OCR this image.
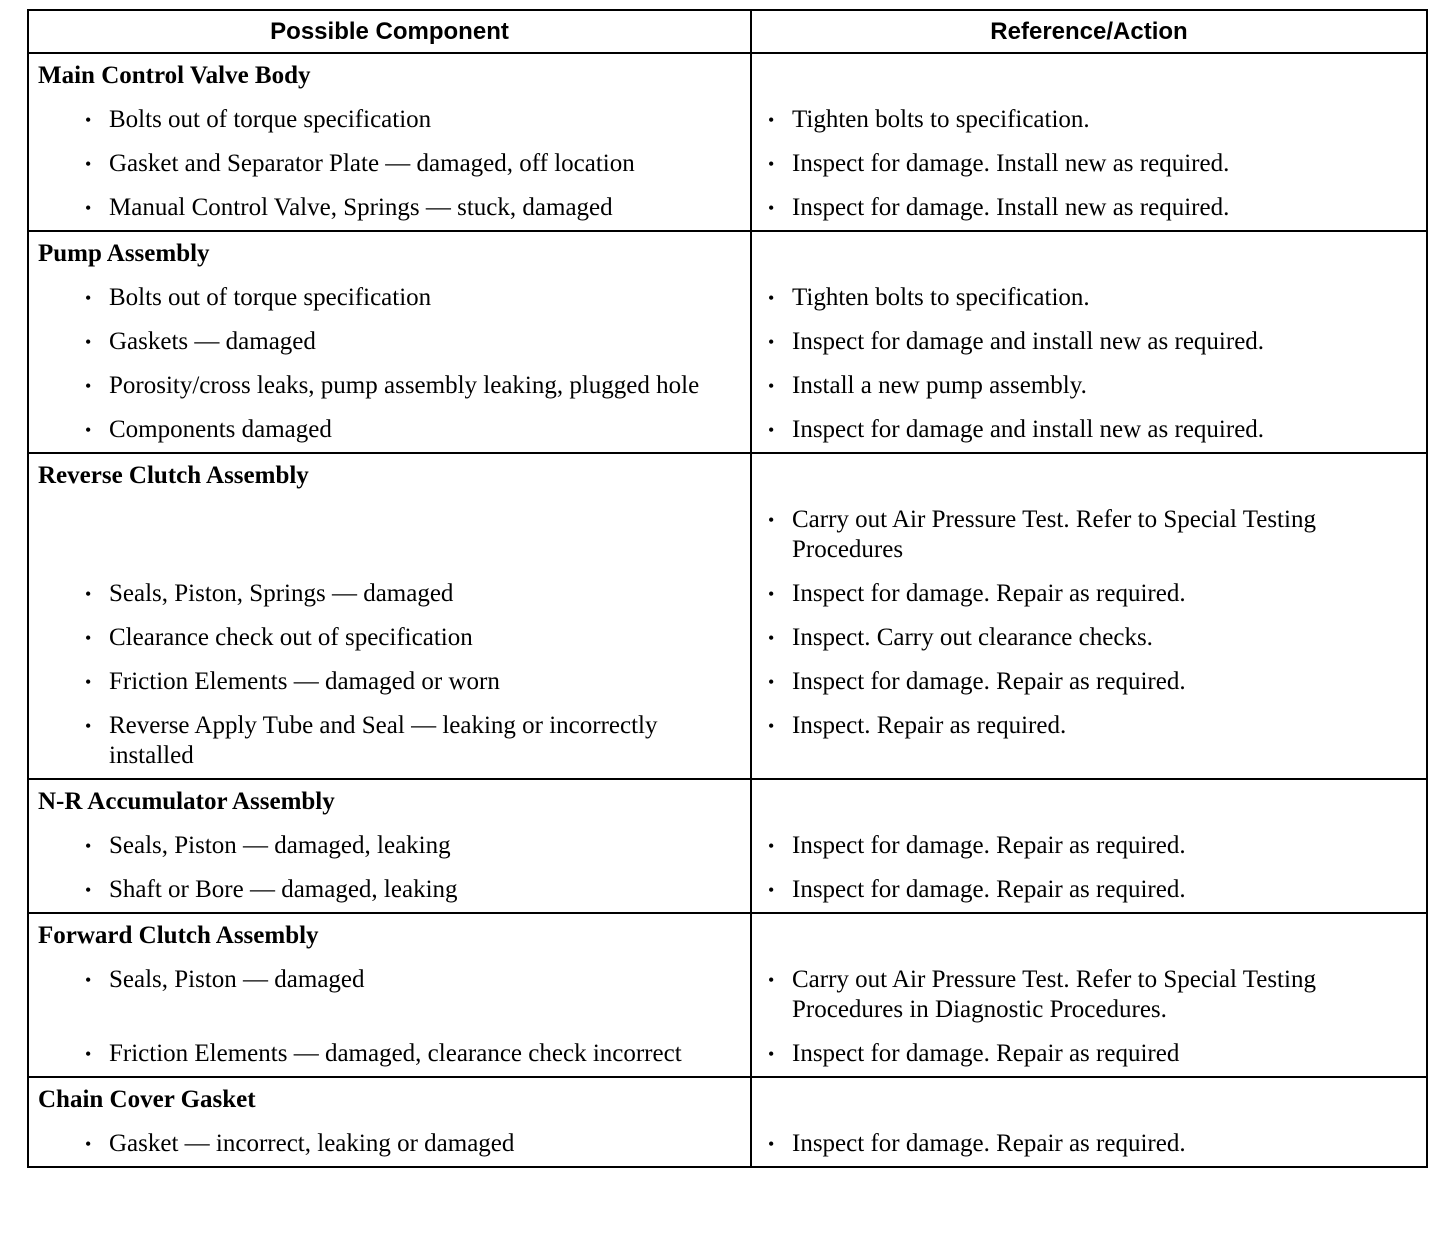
Possible Component	Reference/Action

Main Control Valve Body	

• Bolts out of torque specification	• Tighten bolts to specification.

• Gasket and Separator Plate — damaged, off location	• Inspect for damage. Install new as required.

• Manual Control Valve, Springs — stuck, damaged	• Inspect for damage. Install new as required.

Pump Assembly	

• Bolts out of torque specification	• Tighten bolts to specification.

• Gaskets — damaged	• Inspect for damage and install new as required.

• Porosity/cross leaks, pump assembly leaking, plugged hole	• Install a new pump assembly.

• Components damaged	• Inspect for damage and install new as required.

Reverse Clutch Assembly	

	• Carry out Air Pressure Test. Refer to Special Testing Procedures

• Seals, Piston, Springs — damaged	• Inspect for damage. Repair as required.

• Clearance check out of specification	• Inspect. Carry out clearance checks.

• Friction Elements — damaged or worn	• Inspect for damage. Repair as required.

• Reverse Apply Tube and Seal — leaking or incorrectly installed	• Inspect. Repair as required.

N-R Accumulator Assembly	

• Seals, Piston — damaged, leaking	• Inspect for damage. Repair as required.

• Shaft or Bore — damaged, leaking	• Inspect for damage. Repair as required.

Forward Clutch Assembly	

• Seals, Piston — damaged	• Carry out Air Pressure Test. Refer to Special Testing Procedures in Diagnostic Procedures.

• Friction Elements — damaged, clearance check incorrect	• Inspect for damage. Repair as required

Chain Cover Gasket	

• Gasket — incorrect, leaking or damaged	• Inspect for damage. Repair as required.
